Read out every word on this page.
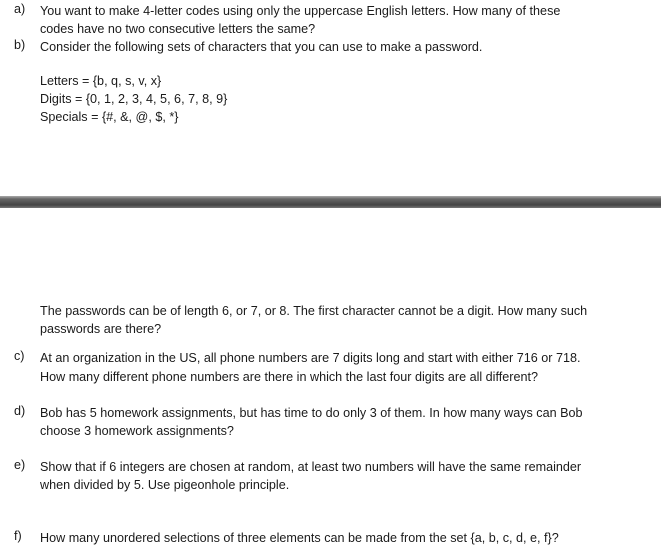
a) You want to make 4-letter codes using only the uppercase English letters. How many of these
codes have no two consecutive letters the same?
b) Consider the following sets of characters that you can use to make a password.
Letters = {b, q, s, v, x}
Digits = {0, 1, 2, 3, 4, 5, 6, 7, 8, 9}
Specials = {#, &, @, $, *}
The passwords can be of length 6, or 7, or 8. The first character cannot be a digit. How many such
passwords are there?
c) At an organization in the US, all phone numbers are 7 digits long and start with either 716 or 718.
How many different phone numbers are there in which the last four digits are all different?
d) Bob has 5 homework assignments, but has time to do only 3 of them. In how many ways can Bob
choose 3 homework assignments?
e) Show that if 6 integers are chosen at random, at least two numbers will have the same remainder
when divided by 5. Use pigeonhole principle.
f) How many unordered selections of three elements can be made from the set {a, b, c, d, e, f}?
